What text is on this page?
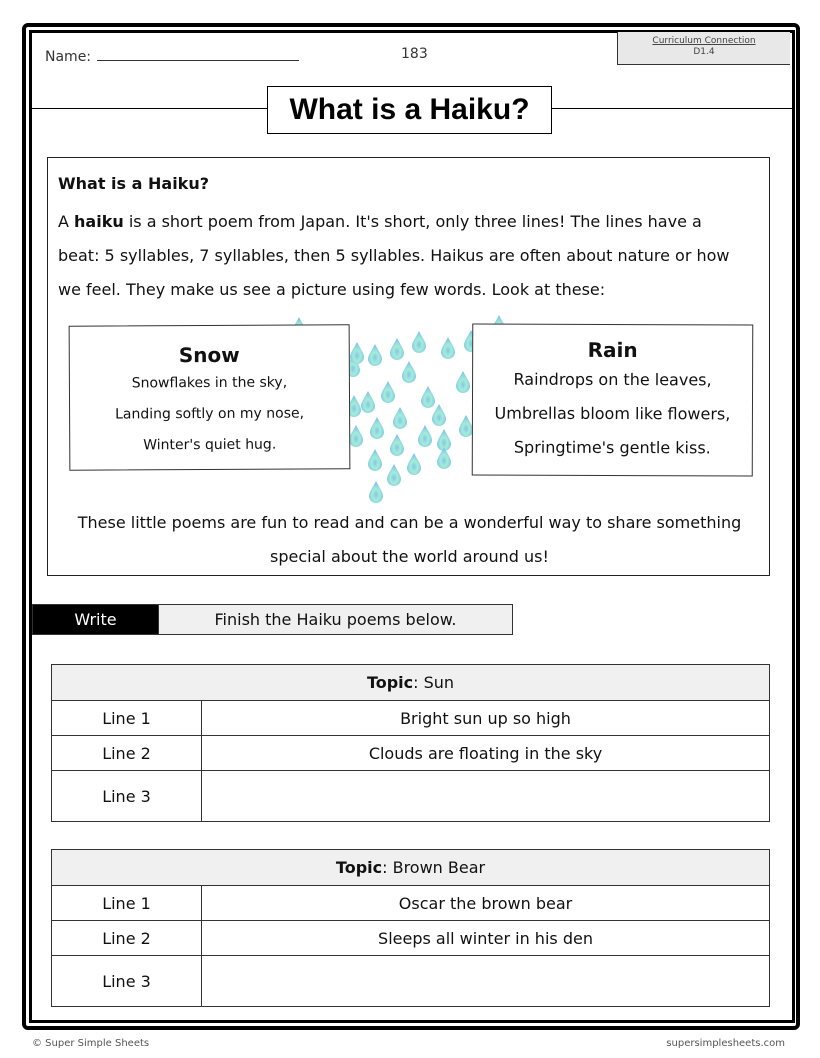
Name:	183
Curriculum Connection
D1.4
What is a Haiku?
What is a Haiku?

A haiku is a short poem from Japan. It's short, only three lines! The lines have a beat: 5 syllables, 7 syllables, then 5 syllables. Haikus are often about nature or how we feel. They make us see a picture using few words. Look at these:

Snow
Snowflakes in the sky,
Landing softly on my nose,
Winter's quiet hug.
Rain
Raindrops on the leaves,
Umbrellas bloom like flowers,
Springtime's gentle kiss.
These little poems are fun to read and can be a wonderful way to share something special about the world around us!
Write	Finish the Haiku poems below.
Topic: Sun	
Line 1	Bright sun up so high
Line 2	Clouds are floating in the sky
Line 3	
Topic: Brown Bear	
Line 1	Oscar the brown bear
Line 2	Sleeps all winter in his den
Line 3	
© Super Simple Sheets	supersimplesheets.com
